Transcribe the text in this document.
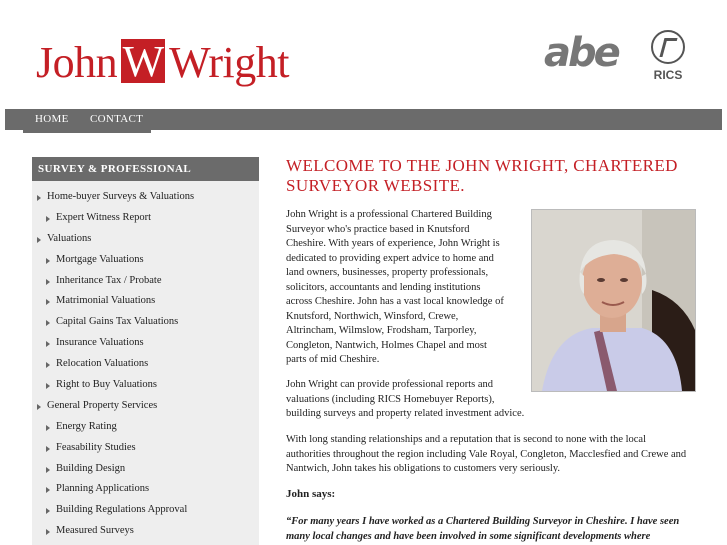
John W Wright	abe	RICS
HOME CONTACT
SURVEY & PROFESSIONAL
Home-buyer Surveys & Valuations
Expert Witness Report
Valuations
Mortgage Valuations
Inheritance Tax / Probate
Matrimonial Valuations
Capital Gains Tax Valuations
Insurance Valuations
Relocation Valuations
Right to Buy Valuations
General Property Services
Energy Rating
Feasability Studies
Building Design
Planning Applications
Building Regulations Approval
Measured Surveys
WELCOME TO THE JOHN WRIGHT, CHARTERED SURVEYOR WEBSITE.
John Wright is a professional Chartered Building
Surveyor who's practice based in Knutsford
Cheshire. With years of experience, John Wright is
dedicated to providing expert advice to home and
land owners, businesses, property professionals,
solicitors, accountants and lending institutions
across Cheshire. John has a vast local knowledge of
Knutsford, Northwich, Winsford, Crewe,
Altrincham, Wilmslow, Frodsham, Tarporley,
Congleton, Nantwich, Holmes Chapel and most
parts of mid Cheshire.
John Wright can provide professional reports and
valuations (including RICS Homebuyer Reports),
building surveys and property related investment advice.
With long standing relationships and a reputation that is second to none with the local
authorities throughout the region including Vale Royal, Congleton, Macclesfied and Crewe and
Nantwich, John takes his obligations to customers very seriously.
John says:
“For many years I have worked as a Chartered Building Surveyor in Cheshire. I have seen
many local changes and have been involved in some significant developments where
